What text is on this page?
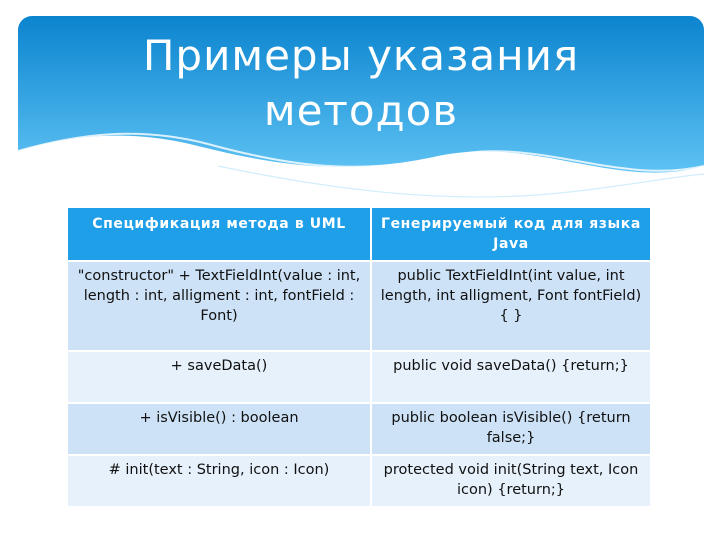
Примеры указания
методов
Спецификация метода в UML	Генерируемый код для языка Java
"constructor" + TextFieldInt(value : int, length : int, alligment : int, fontField : Font)	public TextFieldInt(int value, int length, int alligment, Font fontField) { }
+ saveData()	public void saveData() {return;}
+ isVisible() : boolean	public boolean isVisible() {return false;}
# init(text : String, icon : Icon)	protected void init(String text, Icon icon) {return;}
